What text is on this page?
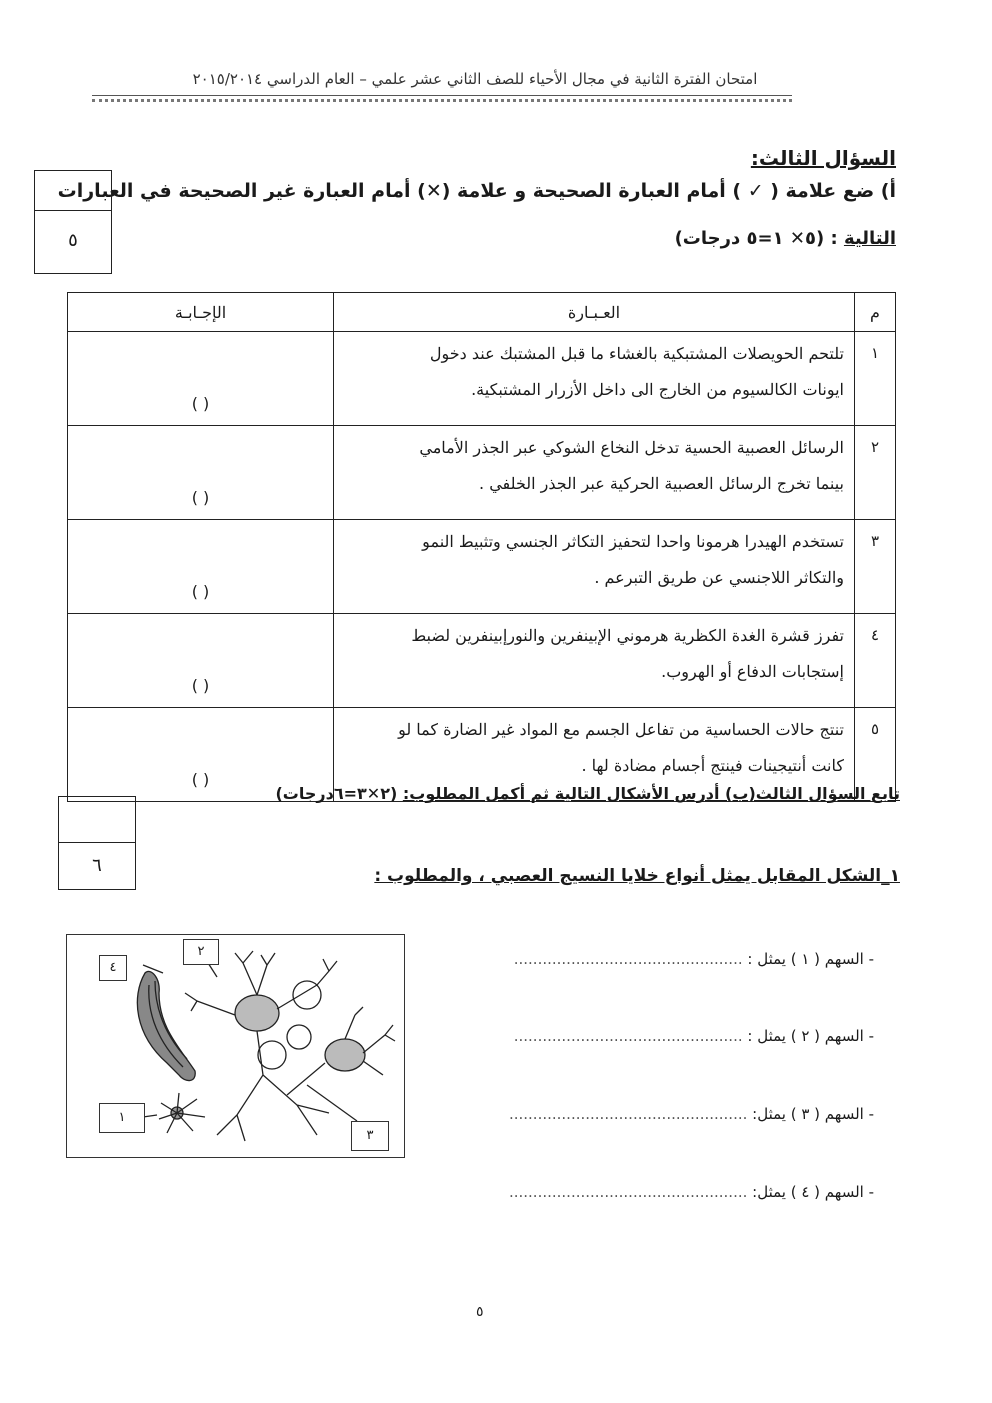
امتحان الفترة الثانية في مجال الأحياء للصف الثاني عشر علمي – العام الدراسي ٢٠١٥/٢٠١٤
السؤال الثالث:
أ) ضع علامة ( ✓ ) أمام العبارة الصحيحة و علامة (✕) أمام العبارة غير الصحيحة في العبارات
التالية : (٥✕ ١=٥ درجات)
٥
م	العـبـارة	الإجـابـة
١	تلتحم الحويصلات المشتبكية بالغشاء ما قبل المشتبك عند دخول
ايونات الكالسيوم من الخارج الى داخل الأزرار المشتبكية.	( )
٢	الرسائل العصبية الحسية تدخل النخاع الشوكي عبر الجذر الأمامي
بينما تخرج الرسائل العصبية الحركية عبر الجذر الخلفي .	( )
٣	تستخدم الهيدرا هرمونا واحدا لتحفيز التكاثر الجنسي وتثبيط النمو
والتكاثر اللاجنسي عن طريق التبرعم .	( )
٤	تفرز قشرة الغدة الكظرية هرموني الإبينفرين والنورإبينفرين لضبط
إستجابات الدفاع أو الهروب.	( )
٥	تنتج حالات الحساسية من تفاعل الجسم مع المواد غير الضارة كما لو
كانت أنتيجينات فينتج أجسام مضادة لها .	( )
تابع السؤال الثالث(ب) أدرس الأشكال التالية ثم أكمل المطلوب: (٢✕٣=٦درجات)
٦	١_الشكل المقابل يمثل أنواع خلايا النسيج العصبي ، والمطلوب :
٤
٢
١
٣
- السهم ( ١ ) يمثل : ................................................
- السهم ( ٢ ) يمثل : ................................................
- السهم ( ٣ ) يمثل: ..................................................
- السهم ( ٤ ) يمثل: ..................................................
٥
